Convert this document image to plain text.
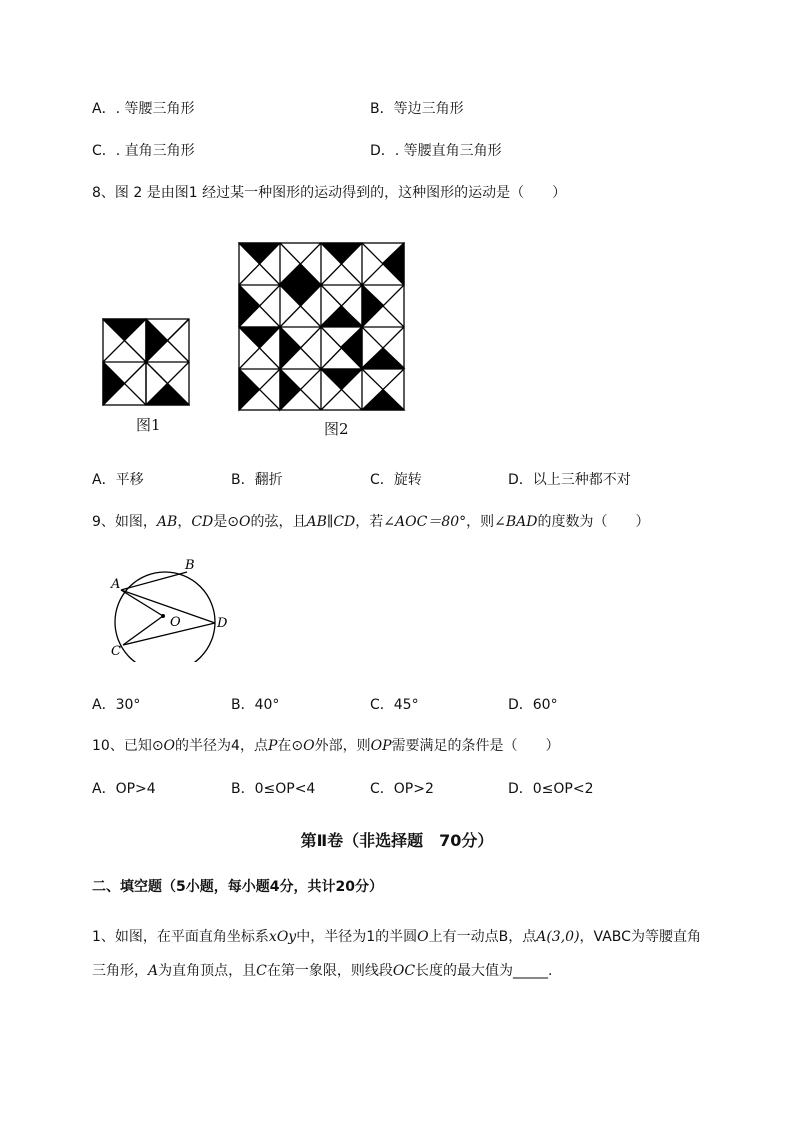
A．. 等腰三角形	B．等边三角形
C．. 直角三角形	D．. 等腰直角三角形
8、图 2 是由图1 经过某一种图形的运动得到的，这种图形的运动是（　　）
图1	图2
A．平移	B．翻折	C．旋转	D．以上三种都不对
9、如图，AB，CD是⊙O的弦，且AB∥CD，若∠AOC＝80°，则∠BAD的度数为（　　）
A
B
C
D
O
A．30°	B．40°	C．45°	D．60°
10、已知⊙O的半径为4，点P在⊙O外部，则OP需要满足的条件是（　　）
A．OP>4	B．0≤OP<4	C．OP>2	D．0≤OP<2
第Ⅱ卷（非选择题　70分）
二、填空题（5小题，每小题4分，共计20分）
1、如图，在平面直角坐标系xOy中，半径为1的半圆O上有一动点B，点A(3,0)，VABC为等腰直角
三角形，A为直角顶点，且C在第一象限，则线段OC长度的最大值为_____.
